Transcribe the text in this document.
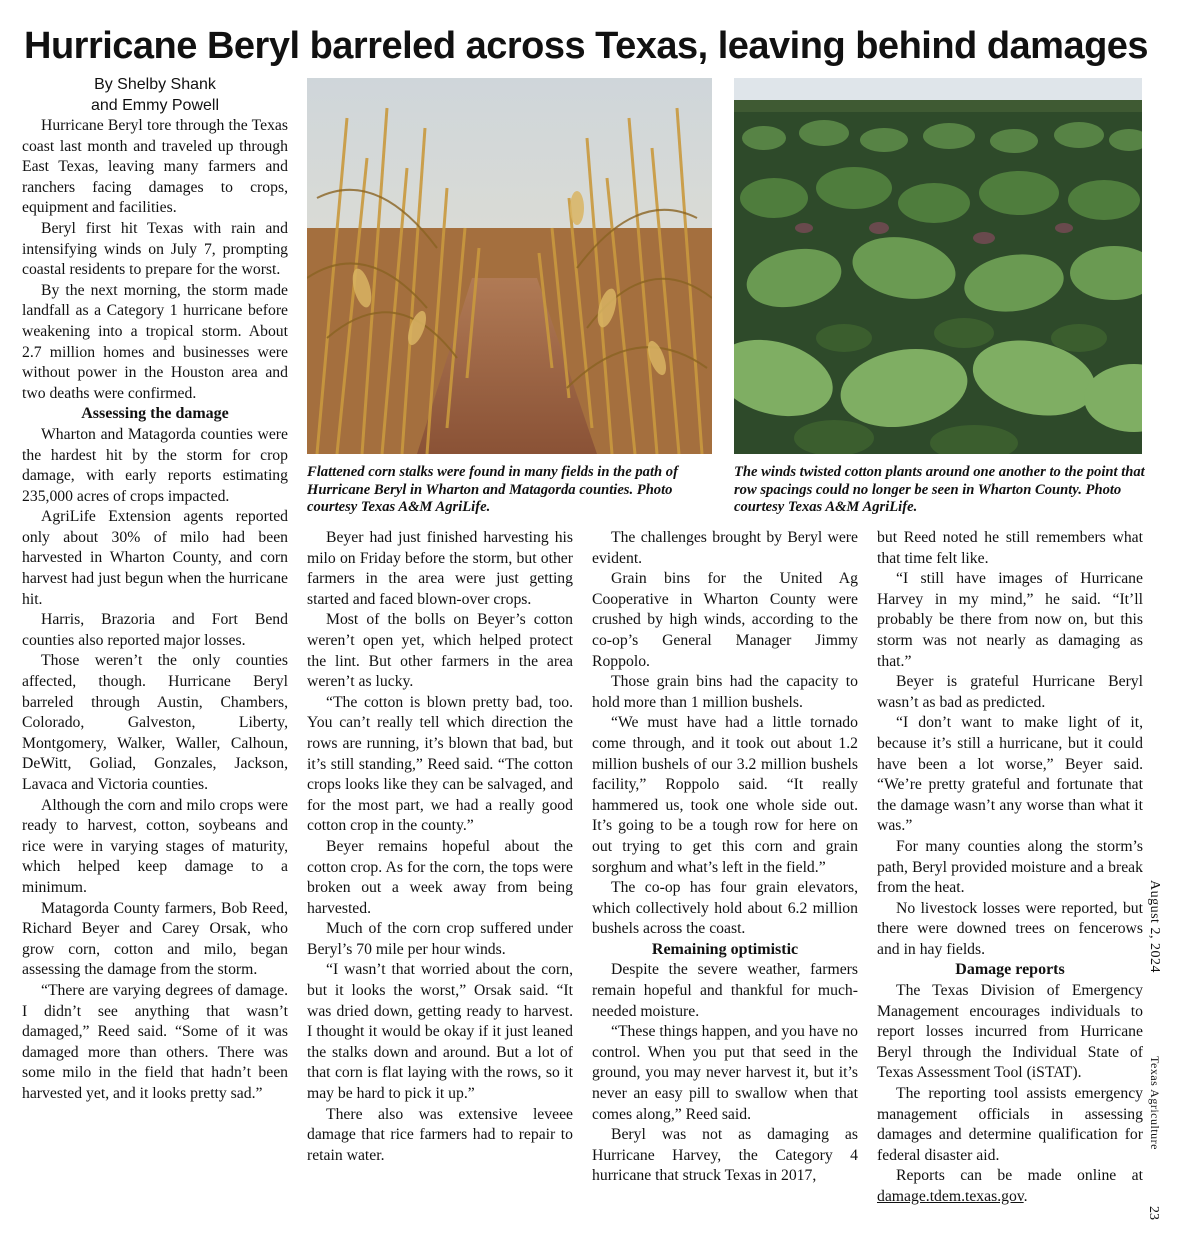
Hurricane Beryl barreled across Texas, leaving behind damages
By Shelby Shank
and Emmy Powell
Flattened corn stalks were found in many fields in the path of Hurricane Beryl in Wharton and Matagorda counties. Photo courtesy Texas A&M AgriLife.
The winds twisted cotton plants around one another to the point that row spacings could no longer be seen in Wharton County. Photo courtesy Texas A&M AgriLife.

Hurricane Beryl tore through the Texas coast last month and traveled up through East Texas, leaving many farmers and ranchers facing damages to crops, equipment and facilities.

Beryl first hit Texas with rain and intensifying winds on July 7, prompting coastal residents to prepare for the worst.

By the next morning, the storm made landfall as a Category 1 hurricane before weakening into a tropical storm. About 2.7 million homes and businesses were without power in the Houston area and two deaths were confirmed.

Assessing the damage

Wharton and Matagorda counties were the hardest hit by the storm for crop damage, with early reports estimating 235,000 acres of crops impacted.

AgriLife Extension agents reported only about 30% of milo had been harvested in Wharton County, and corn harvest had just begun when the hurricane hit.

Harris, Brazoria and Fort Bend counties also reported major losses.

Those weren’t the only counties affected, though. Hurricane Beryl barreled through Austin, Chambers, Colorado, Galveston, Liberty, Montgomery, Walker, Waller, Calhoun, DeWitt, Goliad, Gonzales, Jackson, Lavaca and Victoria counties.

Although the corn and milo crops were ready to harvest, cotton, soybeans and rice were in varying stages of maturity, which helped keep damage to a minimum.

Matagorda County farmers, Bob Reed, Richard Beyer and Carey Orsak, who grow corn, cotton and milo, began assessing the damage from the storm.

“There are varying degrees of damage. I didn’t see anything that wasn’t damaged,” Reed said. “Some of it was damaged more than others. There was some milo in the field that hadn’t been harvested yet, and it looks pretty sad.”

Beyer had just finished harvesting his milo on Friday before the storm, but other farmers in the area were just getting started and faced blown-over crops.

Most of the bolls on Beyer’s cotton weren’t open yet, which helped protect the lint. But other farmers in the area weren’t as lucky.

“The cotton is blown pretty bad, too. You can’t really tell which direction the rows are running, it’s blown that bad, but it’s still standing,” Reed said. “The cotton crops looks like they can be salvaged, and for the most part, we had a really good cotton crop in the county.”

Beyer remains hopeful about the cotton crop. As for the corn, the tops were broken out a week away from being harvested.

Much of the corn crop suffered under Beryl’s 70 mile per hour winds.

“I wasn’t that worried about the corn, but it looks the worst,” Orsak said. “It was dried down, getting ready to harvest. I thought it would be okay if it just leaned the stalks down and around. But a lot of that corn is flat laying with the rows, so it may be hard to pick it up.”

There also was extensive leveee damage that rice farmers had to repair to retain water.

The challenges brought by Beryl were evident.

Grain bins for the United Ag Cooperative in Wharton County were crushed by high winds, according to the co-op’s General Manager Jimmy Roppolo.

Those grain bins had the capacity to hold more than 1 million bushels.

“We must have had a little tornado come through, and it took out about 1.2 million bushels of our 3.2 million bushels facility,” Roppolo said. “It really hammered us, took one whole side out. It’s going to be a tough row for here on out trying to get this corn and grain sorghum and what’s left in the field.”

The co-op has four grain elevators, which collectively hold about 6.2 million bushels across the coast.

Remaining optimistic

Despite the severe weather, farmers remain hopeful and thankful for much-needed moisture.

“These things happen, and you have no control. When you put that seed in the ground, you may never harvest it, but it’s never an easy pill to swallow when that comes along,” Reed said.

Beryl was not as damaging as Hurricane Harvey, the Category 4 hurricane that struck Texas in 2017,

but Reed noted he still remembers what that time felt like.

“I still have images of Hurricane Harvey in my mind,” he said. “It’ll probably be there from now on, but this storm was not nearly as damaging as that.”

Beyer is grateful Hurricane Beryl wasn’t as bad as predicted.

“I don’t want to make light of it, because it’s still a hurricane, but it could have been a lot worse,” Beyer said. “We’re pretty grateful and fortunate that the damage wasn’t any worse than what it was.”

For many counties along the storm’s path, Beryl provided moisture and a break from the heat.

No livestock losses were reported, but there were downed trees on fencerows and in hay fields.

Damage reports

The Texas Division of Emergency Management encourages individuals to report losses incurred from Hurricane Beryl through the Individual State of Texas Assessment Tool (iSTAT).

The reporting tool assists emergency management officials in assessing damages and determine qualification for federal disaster aid.

Reports can be made online at damage.tdem.texas.gov.

August 2, 2024
Texas Agriculture
23
